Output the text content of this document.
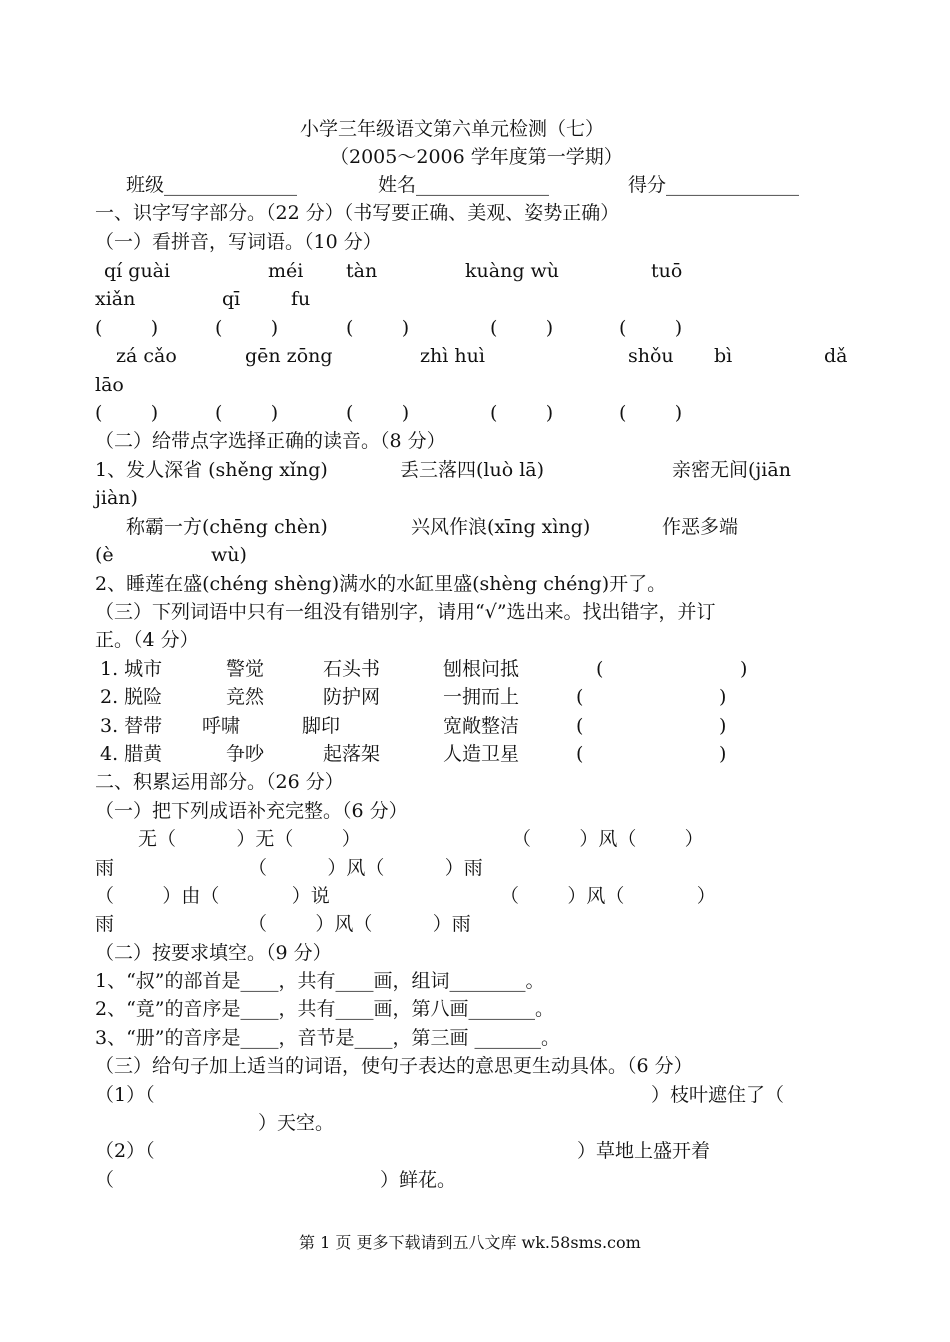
小学三年级语文第六单元检测（七）
（2005～2006 学年度第一学期）
班级______________	姓名______________	得分______________
一、识字写字部分。（22 分）（书写要正确、美观、姿势正确）
（一）看拼音，写词语。（10 分）
qí guài	méi tàn	kuàng wù	tuō
xiǎn	qī	fu
(        )	(        )	(        )	(        )	(        )
zá cǎo	gēn zōng	zhì huì	shǒu bì	dǎ
lāo
(        )	(        )	(        )	(        )	(        )
（二）给带点字选择正确的读音。（8 分）
1、发人深省 (shěng xǐng)	丢三落四(luò lā)	亲密无间(jiān
jiàn)
称霸一方(chēng chèn)	兴风作浪(xīng xìng)	作恶多端
(è	wù)
2、睡莲在盛(chéng shèng)满水的水缸里盛(shèng chéng)开了。
（三）下列词语中只有一组没有错别字，请用“√”选出来。找出错字，并订
正。（4 分）
1. 城市	警觉	石头书	刨根问抵	(	)
2. 脱险	竞然	防护网	一拥而上	(	)
3. 替带 呼啸	脚印	宽敞整洁	(	)
4. 腊黄	争吵	起落架	人造卫星	(	)
二、积累运用部分。（26 分）
（一）把下列成语补充完整。（6 分）
无（          ）无（        ）	（        ）风（        ）
雨	（          ）风（          ）雨
（        ）由（            ）说	（        ）风（            ）
雨	（        ）风（          ）雨
（二）按要求填空。（9 分）
1、“叔”的部首是____，共有____画，组词________。
2、“竟”的音序是____，共有____画，第八画_______。
3、“册”的音序是____，音节是____，第三画 _______。
（三）给句子加上适当的词语，使句子表达的意思更生动具体。（6 分）
（1）（	）枝叶遮住了（
）天空。
（2）（	）草地上盛开着
（	）鲜花。
第 1 页 更多下载请到五八文库 wk.58sms.com
